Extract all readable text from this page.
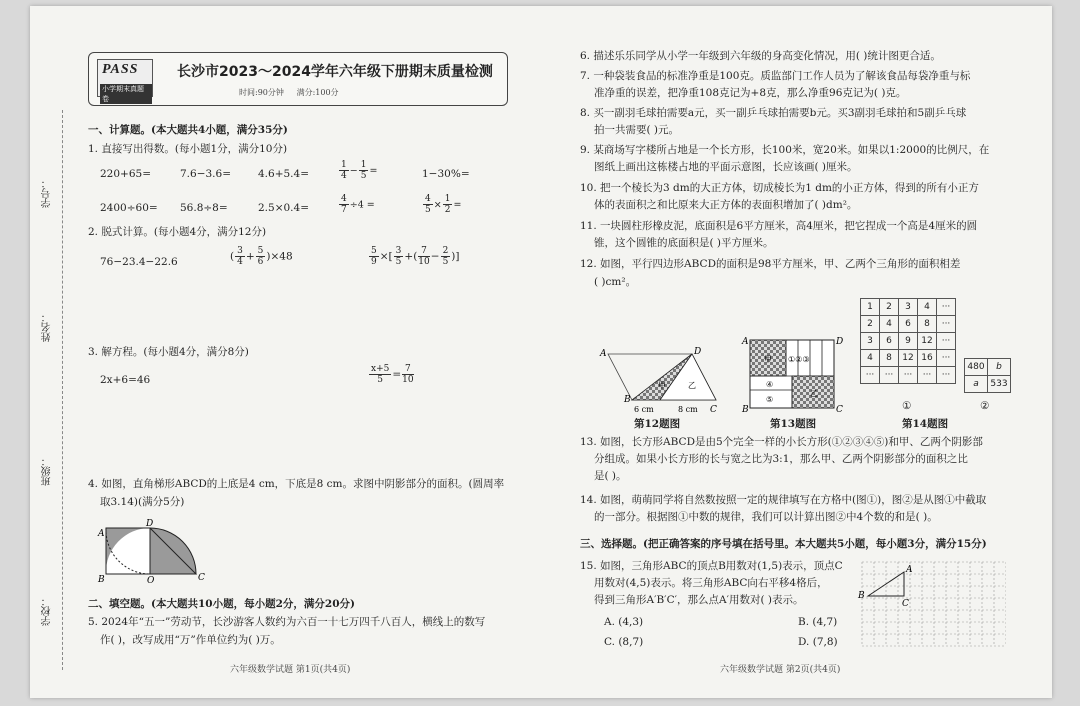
学号：
姓名：
班级：
学校：
PASS
小学期末真题卷
长沙市2023～2024学年六年级下册期末质量检测
时间:90分钟 满分:100分
一、计算题。(本大题共4小题，满分35分)
1. 直接写出得数。(每小题1分，满分10分)
220+65=	7.6−3.6=	4.6+5.4=	$\frac{1}{4} - \frac{1}{5}$ =	1−30%=
2400÷60= 56.8÷8=	2.5×0.4=	$\frac{4}{7} \div 4$ =	$\frac{4}{5} \times \frac{1}{2}$ =
2. 脱式计算。(每小题4分，满分12分)
76−23.4−22.6	( $\frac{3}{4} + \frac{5}{6} )\times 48$	$\frac{5}{9}$ ×[ $\frac{3}{5}$ +( $\frac{7}{10} - \frac{2}{5}$ )]
3. 解方程。(每小题4分，满分8分)
2x+6=46	$\frac{x+5}{5} = \frac{7}{10}$
4. 如图，直角梯形ABCD的上底是4 cm，下底是8 cm。求图中阴影部分的面积。(圆周率
取3.14)(满分5分)
A
D
B	O	C
二、填空题。(本大题共10小题，每小题2分，满分20分)
5. 2024年“五一”劳动节，长沙游客人数约为六百一十七万四千八百人，横线上的数写
作( )，改写成用“万”作单位约为( )万。
六年级数学试题 第1页(共4页)
6. 描述乐乐同学从小学一年级到六年级的身高变化情况，用( )统计图更合适。
7. 一种袋装食品的标准净重是100克。质监部门工作人员为了解该食品每袋净重与标
准净重的误差，把净重108克记为+8克，那么净重96克记为( )克。
8. 买一副羽毛球拍需要a元，买一副乒乓球拍需要b元。买3副羽毛球拍和5副乒乓球
拍一共需要( )元。
9. 某商场写字楼所占地是一个长方形，长100米，宽20米。如果以1:2000的比例尺，在
图纸上画出这栋楼占地的平面示意图，长应该画( )厘米。
10. 把一个棱长为3 dm的大正方体，切成棱长为1 dm的小正方体，得到的所有小正方
体的表面积之和比原来大正方体的表面积增加了( )dm²。
11. 一块圆柱形橡皮泥，底面积是6平方厘米，高4厘米，把它捏成一个高是4厘米的圆
锥，这个圆锥的底面积是( )平方厘米。
12. 如图，平行四边形ABCD的面积是98平方厘米，甲、乙两个三角形的面积相差
( )cm²。
A	D
B
C
甲	乙
6 cm	8 cm
第12题图
A	D
B	C
甲 ①②③
④
⑤
乙
第13题图
1	2	3	4	···
2	4	6	8	···
3	6	9	12	···
4	8	12	16	···
···	···	···	···	···
480	b
a	533
①	②
第14题图
13. 如图，长方形ABCD是由5个完全一样的小长方形(①②③④⑤)和甲、乙两个阴影部
分组成。如果小长方形的长与宽之比为3:1，那么甲、乙两个阴影部分的面积之比
是( )。
14. 如图，萌萌同学将自然数按照一定的规律填写在方格中(图①)，图②是从图①中截取
的一部分。根据图①中数的规律，我们可以计算出图②中4个数的和是( )。
三、选择题。(把正确答案的序号填在括号里。本大题共5小题，每小题3分，满分15分)
15. 如图，三角形ABC的顶点B用数对(1,5)表示，顶点C
用数对(4,5)表示。将三角形ABC向右平移4格后，
得到三角形A′B′C′，那么点A′用数对( )表示。
A. (4,3)	B. (4,7)
C. (8,7)	D. (7,8)
B
A
C
六年级数学试题 第2页(共4页)
